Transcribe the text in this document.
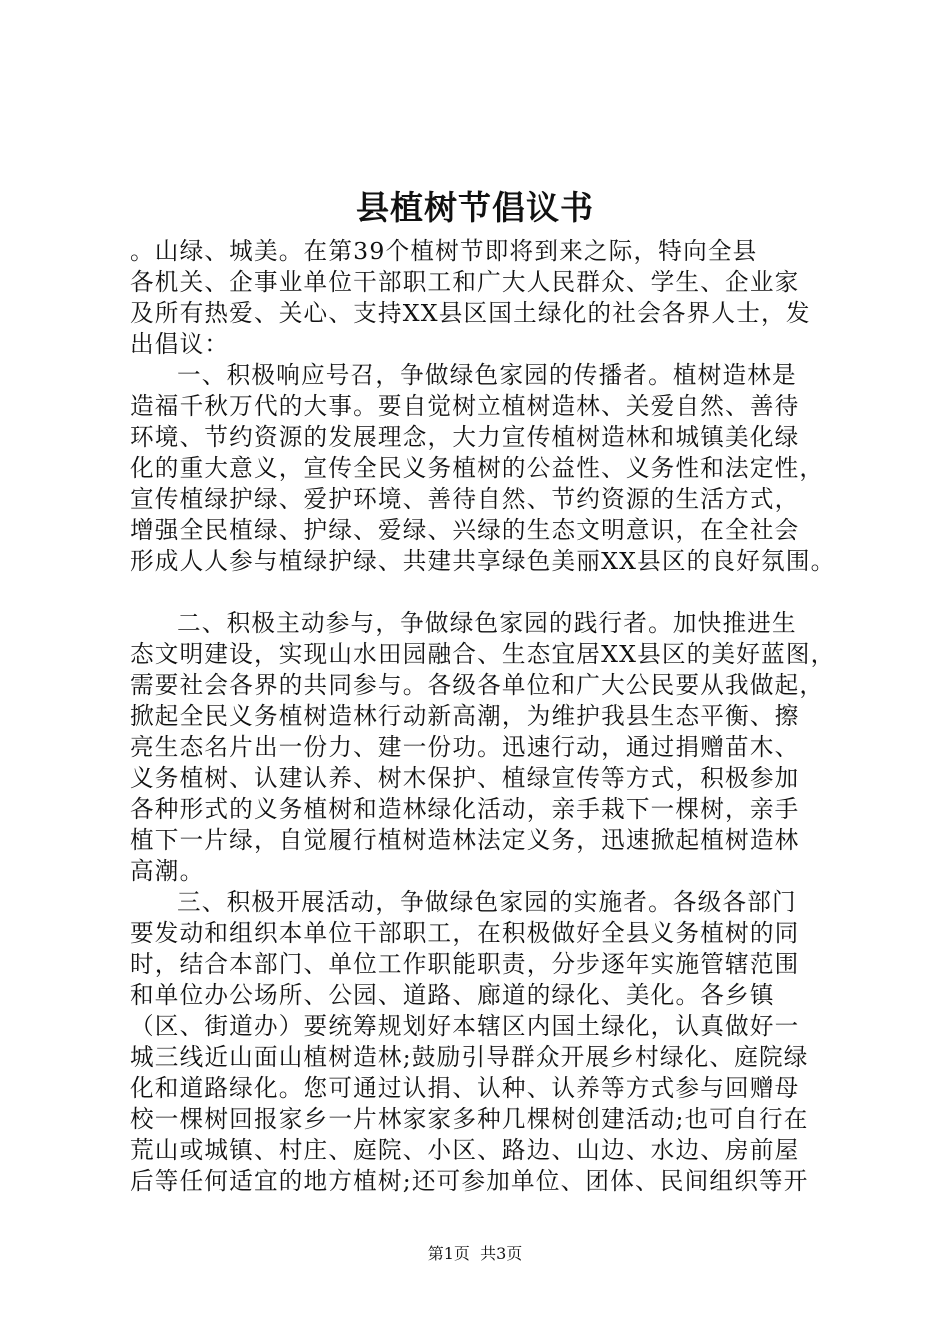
县植树节倡议书
。山绿、城美。在第39个植树节即将到来之际，特向全县
各机关、企事业单位干部职工和广大人民群众、学生、企业家
及所有热爱、关心、支持XX县区国土绿化的社会各界人士，发
出倡议：
一、积极响应号召，争做绿色家园的传播者。植树造林是
造福千秋万代的大事。要自觉树立植树造林、关爱自然、善待
环境、节约资源的发展理念，大力宣传植树造林和城镇美化绿
化的重大意义，宣传全民义务植树的公益性、义务性和法定性，
宣传植绿护绿、爱护环境、善待自然、节约资源的生活方式，
增强全民植绿、护绿、爱绿、兴绿的生态文明意识，在全社会
形成人人参与植绿护绿、共建共享绿色美丽XX县区的良好氛围。
二、积极主动参与，争做绿色家园的践行者。加快推进生
态文明建设，实现山水田园融合、生态宜居XX县区的美好蓝图，
需要社会各界的共同参与。各级各单位和广大公民要从我做起，
掀起全民义务植树造林行动新高潮，为维护我县生态平衡、擦
亮生态名片出一份力、建一份功。迅速行动，通过捐赠苗木、
义务植树、认建认养、树木保护、植绿宣传等方式，积极参加
各种形式的义务植树和造林绿化活动，亲手栽下一棵树，亲手
植下一片绿，自觉履行植树造林法定义务，迅速掀起植树造林
高潮。
三、积极开展活动，争做绿色家园的实施者。各级各部门
要发动和组织本单位干部职工，在积极做好全县义务植树的同
时，结合本部门、单位工作职能职责，分步逐年实施管辖范围
和单位办公场所、公园、道路、廊道的绿化、美化。各乡镇
（区、街道办）要统筹规划好本辖区内国土绿化，认真做好一
城三线近山面山植树造林;鼓励引导群众开展乡村绿化、庭院绿
化和道路绿化。您可通过认捐、认种、认养等方式参与回赠母
校一棵树回报家乡一片林家家多种几棵树创建活动;也可自行在
荒山或城镇、村庄、庭院、小区、路边、山边、水边、房前屋
后等任何适宜的地方植树;还可参加单位、团体、民间组织等开
第1页  共3页
